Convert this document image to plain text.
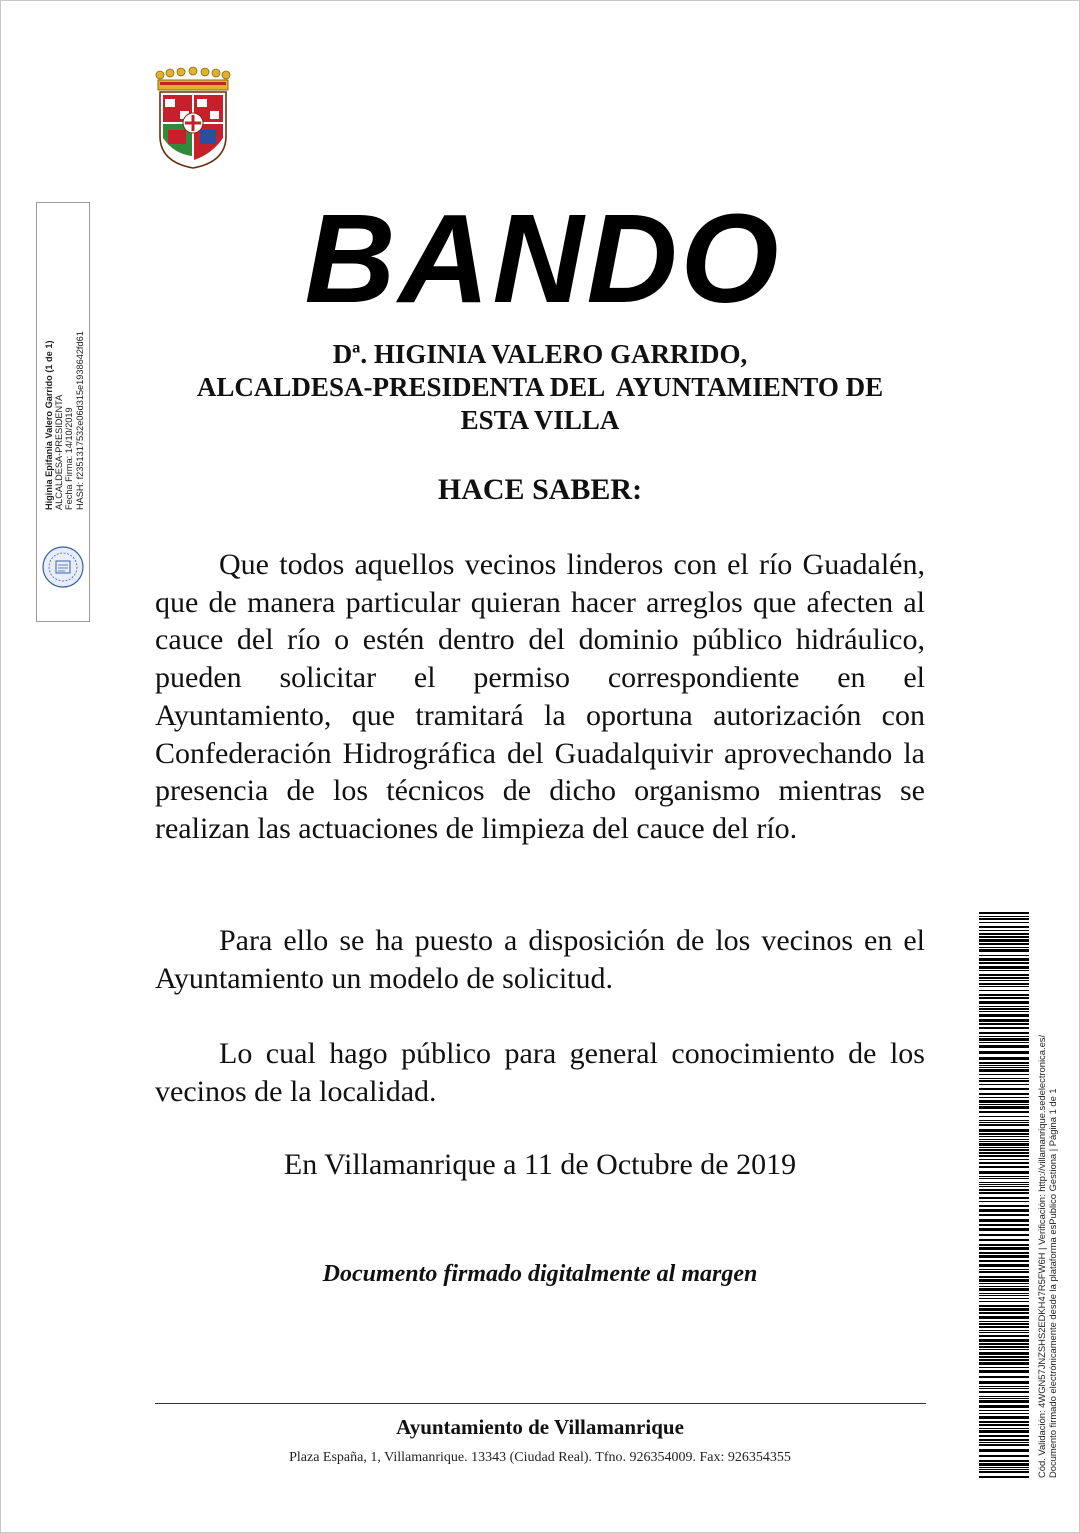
Higinia Epifania Valero Garrido (1 de 1) ALCALDESA-PRESIDENTA Fecha Firma: 14/10/2019 HASH: f2351317532e06d315e1938642fd61
BANDO
Dª. HIGINIA VALERO GARRIDO,
ALCALDESA-PRESIDENTA DEL  AYUNTAMIENTO DE
ESTA VILLA
HACE SABER:

Que todos aquellos vecinos linderos con el río Guadalén, que de manera particular quieran hacer arreglos que afecten al cauce del río o estén dentro del dominio público hidráulico, pueden solicitar el permiso correspondiente en el Ayuntamiento, que tramitará la oportuna autorización con Confederación Hidrográfica del Guadalquivir aprovechando la presencia de los técnicos de dicho organismo mientras se realizan las actuaciones de limpieza del cauce del río.

Para ello se ha puesto a disposición de los vecinos en el Ayuntamiento un modelo de solicitud.

Lo cual hago público para general conocimiento de los vecinos de la localidad.

En Villamanrique a 11 de Octubre de 2019
Documento firmado digitalmente al margen
Ayuntamiento de Villamanrique
Plaza España, 1, Villamanrique. 13343 (Ciudad Real). Tfno. 926354009. Fax: 926354355	Cód. Validación: 4WGN57JNZSHS2EDKH47R5FW6H | Verificación: http://villamanrique.sedelectronica.es/ Documento firmado electrónicamente desde la plataforma esPublico Gestiona | Página 1 de 1
